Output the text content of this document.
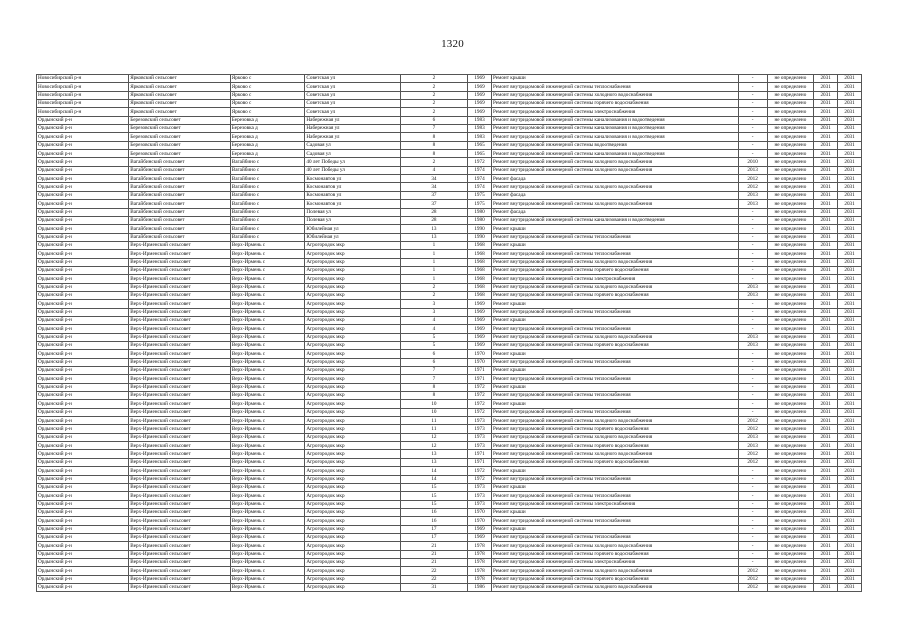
1320
Новосибирский р-н	Ярковский сельсовет	Ярково с	Советская ул	2	1969	Ремонт крыши	-	не определено	2031	2031
Новосибирский р-н	Ярковский сельсовет	Ярково с	Советская ул	2	1969	Ремонт внутридомовой инженерной системы теплоснабжения	-	не определено	2031	2031
Новосибирский р-н	Ярковский сельсовет	Ярково с	Советская ул	2	1969	Ремонт внутридомовой инженерной системы холодного водоснабжения	-	не определено	2031	2031
Новосибирский р-н	Ярковский сельсовет	Ярково с	Советская ул	2	1969	Ремонт внутридомовой инженерной системы горячего водоснабжения	-	не определено	2031	2031
Новосибирский р-н	Ярковский сельсовет	Ярково с	Советская ул	2	1969	Ремонт внутридомовой инженерной системы электроснабжения	-	не определено	2031	2031
Ордынский р-н	Березовский сельсовет	Березовка д	Набережная ул	6	1983	Ремонт внутридомовой инженерной системы канализования и водоотведения	-	не определено	2031	2031
Ордынский р-н	Березовский сельсовет	Березовка д	Набережная ул	7	1983	Ремонт внутридомовой инженерной системы канализования и водоотведения	-	не определено	2031	2031
Ордынский р-н	Березовский сельсовет	Березовка д	Набережная ул	8	1983	Ремонт внутридомовой инженерной системы канализования и водоотведения	-	не определено	2031	2031
Ордынский р-н	Березовский сельсовет	Березовка д	Садовая ул	8	1965	Ремонт внутридомовой инженерной системы водоотведения	-	не определено	2031	2031
Ордынский р-н	Березовский сельсовет	Березовка д	Садовая ул	8	1965	Ремонт внутридомовой инженерной системы канализования и водоотведения	-	не определено	2031	2031
Ордынский р-н	Вагайбинский сельсовет	Вагайбино с	40 лет Победы ул	2	1972	Ремонт внутридомовой инженерной системы холодного водоснабжения	2010	не определено	2031	2031
Ордынский р-н	Вагайбинский сельсовет	Вагайбино с	40 лет Победы ул	4	1974	Ремонт внутридомовой инженерной системы холодного водоснабжения	2013	не определено	2031	2031
Ордынский р-н	Вагайбинский сельсовет	Вагайбино с	Космонавтов ул	34	1974	Ремонт фасада	2012	не определено	2031	2031
Ордынский р-н	Вагайбинский сельсовет	Вагайбино с	Космонавтов ул	34	1974	Ремонт внутридомовой инженерной системы холодного водоснабжения	2012	не определено	2031	2031
Ордынский р-н	Вагайбинский сельсовет	Вагайбино с	Космонавтов ул	37	1975	Ремонт фасада	2013	не определено	2031	2031
Ордынский р-н	Вагайбинский сельсовет	Вагайбино с	Космонавтов ул	37	1975	Ремонт внутридомовой инженерной системы холодного водоснабжения	2013	не определено	2031	2031
Ордынский р-н	Вагайбинский сельсовет	Вагайбино с	Полевая ул	28	1980	Ремонт фасада	-	не определено	2031	2031
Ордынский р-н	Вагайбинский сельсовет	Вагайбино с	Полевая ул	28	1980	Ремонт внутридомовой инженерной системы канализования и водоотведения	-	не определено	2031	2031
Ордынский р-н	Вагайбинский сельсовет	Вагайбино с	Юбилейная ул	13	1990	Ремонт крыши	-	не определено	2031	2031
Ордынский р-н	Вагайбинский сельсовет	Вагайбино с	Юбилейная ул	13	1990	Ремонт внутридомовой инженерной системы теплоснабжения	-	не определено	2031	2031
Ордынский р-н	Верх-Ирменский сельсовет	Верх-Ирмень с	Агрогородок мкр	1	1968	Ремонт крыши	-	не определено	2031	2031
Ордынский р-н	Верх-Ирменский сельсовет	Верх-Ирмень с	Агрогородок мкр	1	1968	Ремонт внутридомовой инженерной системы теплоснабжения	-	не определено	2031	2031
Ордынский р-н	Верх-Ирменский сельсовет	Верх-Ирмень с	Агрогородок мкр	1	1968	Ремонт внутридомовой инженерной системы холодного водоснабжения	-	не определено	2031	2031
Ордынский р-н	Верх-Ирменский сельсовет	Верх-Ирмень с	Агрогородок мкр	1	1968	Ремонт внутридомовой инженерной системы горячего водоснабжения	-	не определено	2031	2031
Ордынский р-н	Верх-Ирменский сельсовет	Верх-Ирмень с	Агрогородок мкр	1	1968	Ремонт внутридомовой инженерной системы электроснабжения	-	не определено	2031	2031
Ордынский р-н	Верх-Ирменский сельсовет	Верх-Ирмень с	Агрогородок мкр	2	1968	Ремонт внутридомовой инженерной системы холодного водоснабжения	2013	не определено	2031	2031
Ордынский р-н	Верх-Ирменский сельсовет	Верх-Ирмень с	Агрогородок мкр	2	1968	Ремонт внутридомовой инженерной системы горячего водоснабжения	2013	не определено	2031	2031
Ордынский р-н	Верх-Ирменский сельсовет	Верх-Ирмень с	Агрогородок мкр	3	1969	Ремонт крыши	-	не определено	2031	2031
Ордынский р-н	Верх-Ирменский сельсовет	Верх-Ирмень с	Агрогородок мкр	3	1969	Ремонт внутридомовой инженерной системы теплоснабжения	-	не определено	2031	2031
Ордынский р-н	Верх-Ирменский сельсовет	Верх-Ирмень с	Агрогородок мкр	4	1969	Ремонт крыши	-	не определено	2031	2031
Ордынский р-н	Верх-Ирменский сельсовет	Верх-Ирмень с	Агрогородок мкр	4	1969	Ремонт внутридомовой инженерной системы теплоснабжения	-	не определено	2031	2031
Ордынский р-н	Верх-Ирменский сельсовет	Верх-Ирмень с	Агрогородок мкр	5	1969	Ремонт внутридомовой инженерной системы холодного водоснабжения	2013	не определено	2031	2031
Ордынский р-н	Верх-Ирменский сельсовет	Верх-Ирмень с	Агрогородок мкр	5	1969	Ремонт внутридомовой инженерной системы горячего водоснабжения	2013	не определено	2031	2031
Ордынский р-н	Верх-Ирменский сельсовет	Верх-Ирмень с	Агрогородок мкр	6	1970	Ремонт крыши	-	не определено	2031	2031
Ордынский р-н	Верх-Ирменский сельсовет	Верх-Ирмень с	Агрогородок мкр	6	1970	Ремонт внутридомовой инженерной системы теплоснабжения	-	не определено	2031	2031
Ордынский р-н	Верх-Ирменский сельсовет	Верх-Ирмень с	Агрогородок мкр	7	1971	Ремонт крыши	-	не определено	2031	2031
Ордынский р-н	Верх-Ирменский сельсовет	Верх-Ирмень с	Агрогородок мкр	7	1971	Ремонт внутридомовой инженерной системы теплоснабжения	-	не определено	2031	2031
Ордынский р-н	Верх-Ирменский сельсовет	Верх-Ирмень с	Агрогородок мкр	8	1972	Ремонт крыши	-	не определено	2031	2031
Ордынский р-н	Верх-Ирменский сельсовет	Верх-Ирмень с	Агрогородок мкр	8	1972	Ремонт внутридомовой инженерной системы теплоснабжения	-	не определено	2031	2031
Ордынский р-н	Верх-Ирменский сельсовет	Верх-Ирмень с	Агрогородок мкр	10	1972	Ремонт крыши	-	не определено	2031	2031
Ордынский р-н	Верх-Ирменский сельсовет	Верх-Ирмень с	Агрогородок мкр	10	1972	Ремонт внутридомовой инженерной системы теплоснабжения	-	не определено	2031	2031
Ордынский р-н	Верх-Ирменский сельсовет	Верх-Ирмень с	Агрогородок мкр	11	1973	Ремонт внутридомовой инженерной системы холодного водоснабжения	2012	не определено	2031	2031
Ордынский р-н	Верх-Ирменский сельсовет	Верх-Ирмень с	Агрогородок мкр	11	1973	Ремонт внутридомовой инженерной системы горячего водоснабжения	2012	не определено	2031	2031
Ордынский р-н	Верх-Ирменский сельсовет	Верх-Ирмень с	Агрогородок мкр	12	1973	Ремонт внутридомовой инженерной системы холодного водоснабжения	2013	не определено	2031	2031
Ордынский р-н	Верх-Ирменский сельсовет	Верх-Ирмень с	Агрогородок мкр	12	1973	Ремонт внутридомовой инженерной системы горячего водоснабжения	2013	не определено	2031	2031
Ордынский р-н	Верх-Ирменский сельсовет	Верх-Ирмень с	Агрогородок мкр	13	1971	Ремонт внутридомовой инженерной системы холодного водоснабжения	2012	не определено	2031	2031
Ордынский р-н	Верх-Ирменский сельсовет	Верх-Ирмень с	Агрогородок мкр	13	1971	Ремонт внутридомовой инженерной системы горячего водоснабжения	2012	не определено	2031	2031
Ордынский р-н	Верх-Ирменский сельсовет	Верх-Ирмень с	Агрогородок мкр	14	1972	Ремонт крыши	-	не определено	2031	2031
Ордынский р-н	Верх-Ирменский сельсовет	Верх-Ирмень с	Агрогородок мкр	14	1972	Ремонт внутридомовой инженерной системы теплоснабжения	-	не определено	2031	2031
Ордынский р-н	Верх-Ирменский сельсовет	Верх-Ирмень с	Агрогородок мкр	15	1973	Ремонт крыши	-	не определено	2031	2031
Ордынский р-н	Верх-Ирменский сельсовет	Верх-Ирмень с	Агрогородок мкр	15	1973	Ремонт внутридомовой инженерной системы теплоснабжения	-	не определено	2031	2031
Ордынский р-н	Верх-Ирменский сельсовет	Верх-Ирмень с	Агрогородок мкр	15	1973	Ремонт внутридомовой инженерной системы электроснабжения	-	не определено	2031	2031
Ордынский р-н	Верх-Ирменский сельсовет	Верх-Ирмень с	Агрогородок мкр	16	1970	Ремонт крыши	-	не определено	2031	2031
Ордынский р-н	Верх-Ирменский сельсовет	Верх-Ирмень с	Агрогородок мкр	16	1970	Ремонт внутридомовой инженерной системы теплоснабжения	-	не определено	2031	2031
Ордынский р-н	Верх-Ирменский сельсовет	Верх-Ирмень с	Агрогородок мкр	17	1969	Ремонт крыши	-	не определено	2031	2031
Ордынский р-н	Верх-Ирменский сельсовет	Верх-Ирмень с	Агрогородок мкр	17	1969	Ремонт внутридомовой инженерной системы теплоснабжения	-	не определено	2031	2031
Ордынский р-н	Верх-Ирменский сельсовет	Верх-Ирмень с	Агрогородок мкр	21	1978	Ремонт внутридомовой инженерной системы холодного водоснабжения	-	не определено	2031	2031
Ордынский р-н	Верх-Ирменский сельсовет	Верх-Ирмень с	Агрогородок мкр	21	1978	Ремонт внутридомовой инженерной системы горячего водоснабжения	-	не определено	2031	2031
Ордынский р-н	Верх-Ирменский сельсовет	Верх-Ирмень с	Агрогородок мкр	21	1978	Ремонт внутридомовой инженерной системы электроснабжения	-	не определено	2031	2031
Ордынский р-н	Верх-Ирменский сельсовет	Верх-Ирмень с	Агрогородок мкр	22	1978	Ремонт внутридомовой инженерной системы холодного водоснабжения	2012	не определено	2031	2031
Ордынский р-н	Верх-Ирменский сельсовет	Верх-Ирмень с	Агрогородок мкр	22	1978	Ремонт внутридомовой инженерной системы горячего водоснабжения	2012	не определено	2031	2031
Ордынский р-н	Верх-Ирменский сельсовет	Верх-Ирмень с	Агрогородок мкр	31	1986	Ремонт внутридомовой инженерной системы холодного водоснабжения	2012	не определено	2031	2031
